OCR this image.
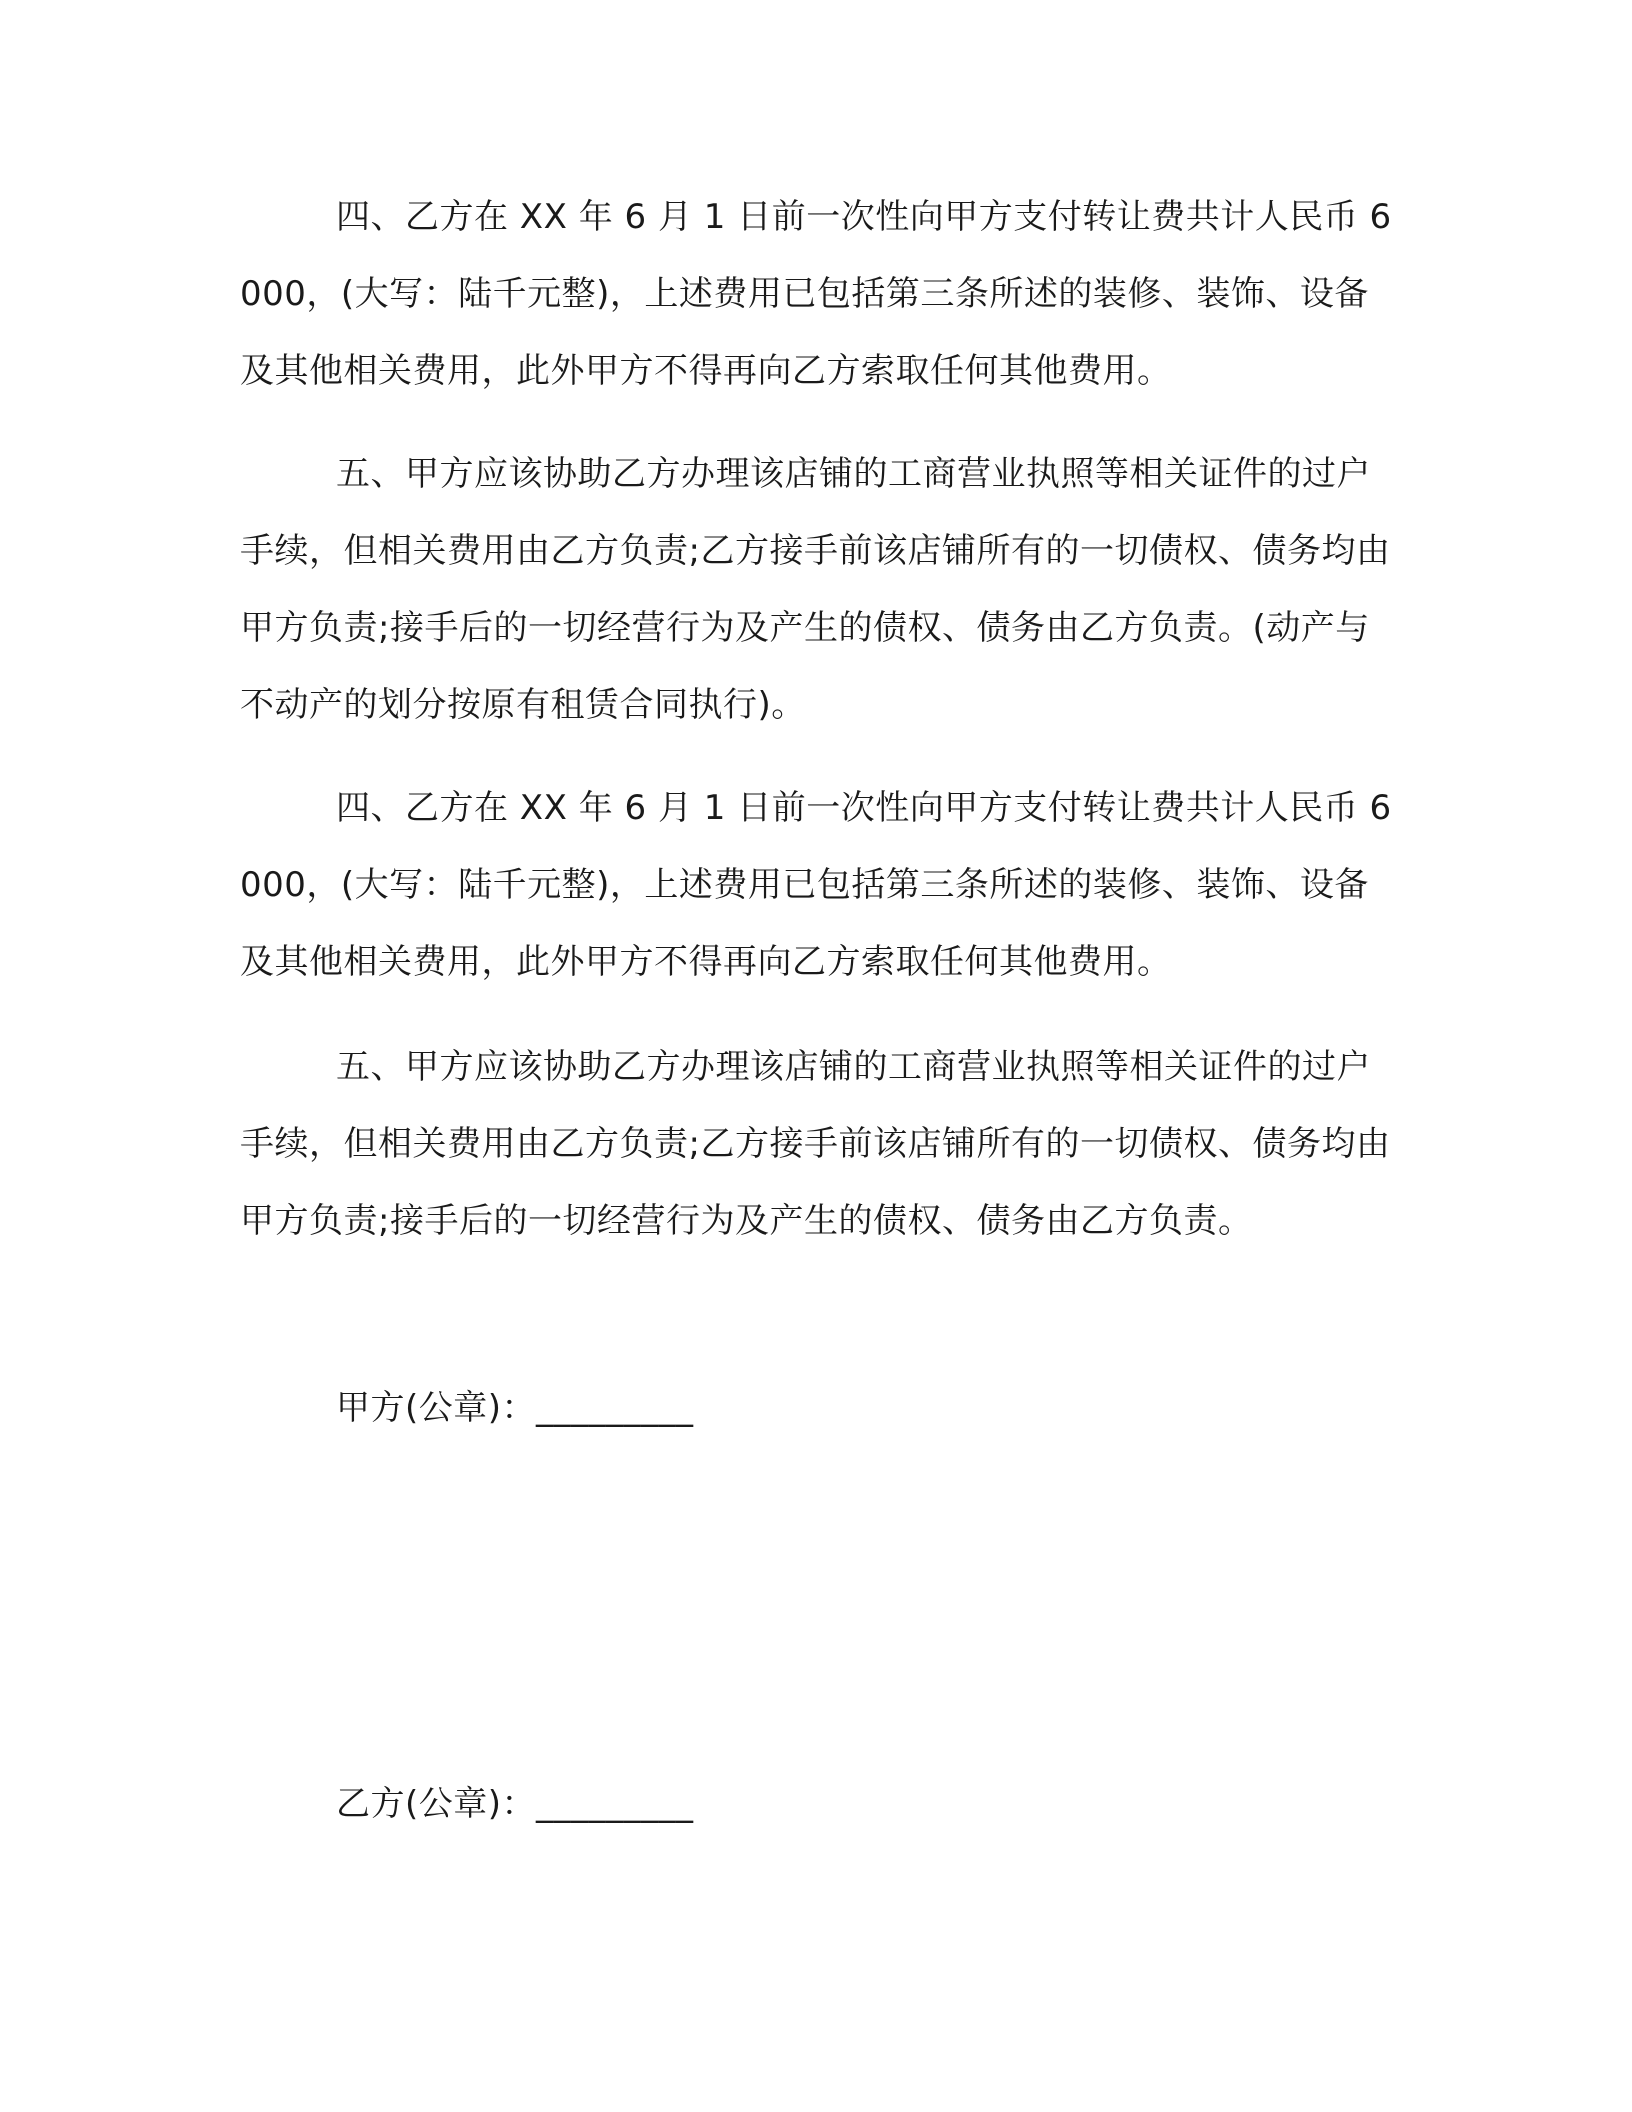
四、乙方在 XX 年 6 月 1 日前一次性向甲方支付转让费共计人民币 6000，(大写：陆千元整)，上述费用已包括第三条所述的装修、装饰、设备及其他相关费用，此外甲方不得再向乙方索取任何其他费用。

五、甲方应该协助乙方办理该店铺的工商营业执照等相关证件的过户手续，但相关费用由乙方负责;乙方接手前该店铺所有的一切债权、债务均由甲方负责;接手后的一切经营行为及产生的债权、债务由乙方负责。(动产与不动产的划分按原有租赁合同执行)。

四、乙方在 XX 年 6 月 1 日前一次性向甲方支付转让费共计人民币 6000，(大写：陆千元整)，上述费用已包括第三条所述的装修、装饰、设备及其他相关费用，此外甲方不得再向乙方索取任何其他费用。

五、甲方应该协助乙方办理该店铺的工商营业执照等相关证件的过户手续，但相关费用由乙方负责;乙方接手前该店铺所有的一切债权、债务均由甲方负责;接手后的一切经营行为及产生的债权、债务由乙方负责。

甲方(公章)：_________
乙方(公章)：_________
